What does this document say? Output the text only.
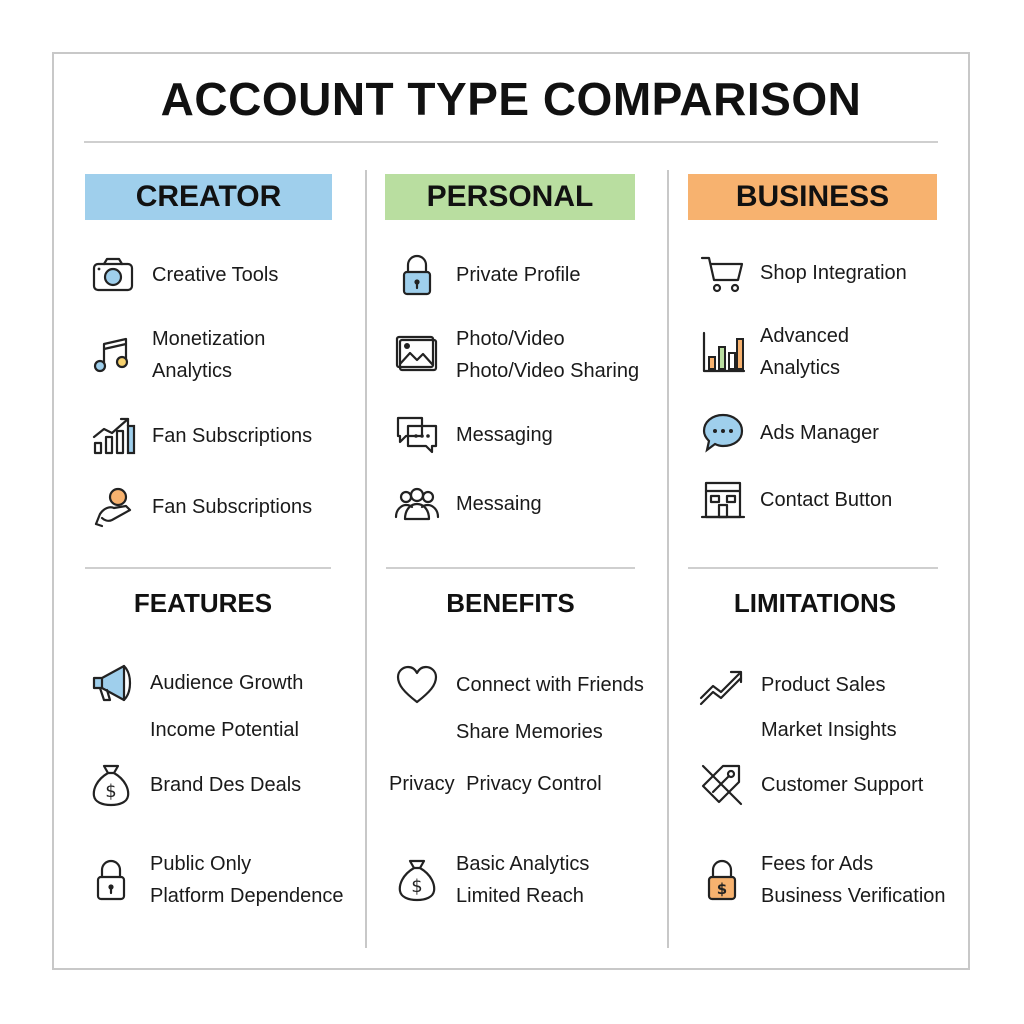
ACCOUNT TYPE COMPARISON
CREATOR	PERSONAL	BUSINESS
Creative Tools
Monetization
Analytics
Fan Subscriptions
Fan Subscriptions
Private Profile
Photo/Video
Photo/Video Sharing
Messaging
Messaing
Shop Integration
Advanced
Analytics
Ads Manager
Contact Button
FEATURES	BENEFITS	LIMITATIONS
Audience Growth
Income Potential
$ Brand Des Deals
Public Only
Platform Dependence
Connect with Friends
Share Memories
Privacy Privacy Control
$
Basic Analytics
Limited Reach
Product Sales
Market Insights
Customer Support
$
Fees for Ads
Business Verification
